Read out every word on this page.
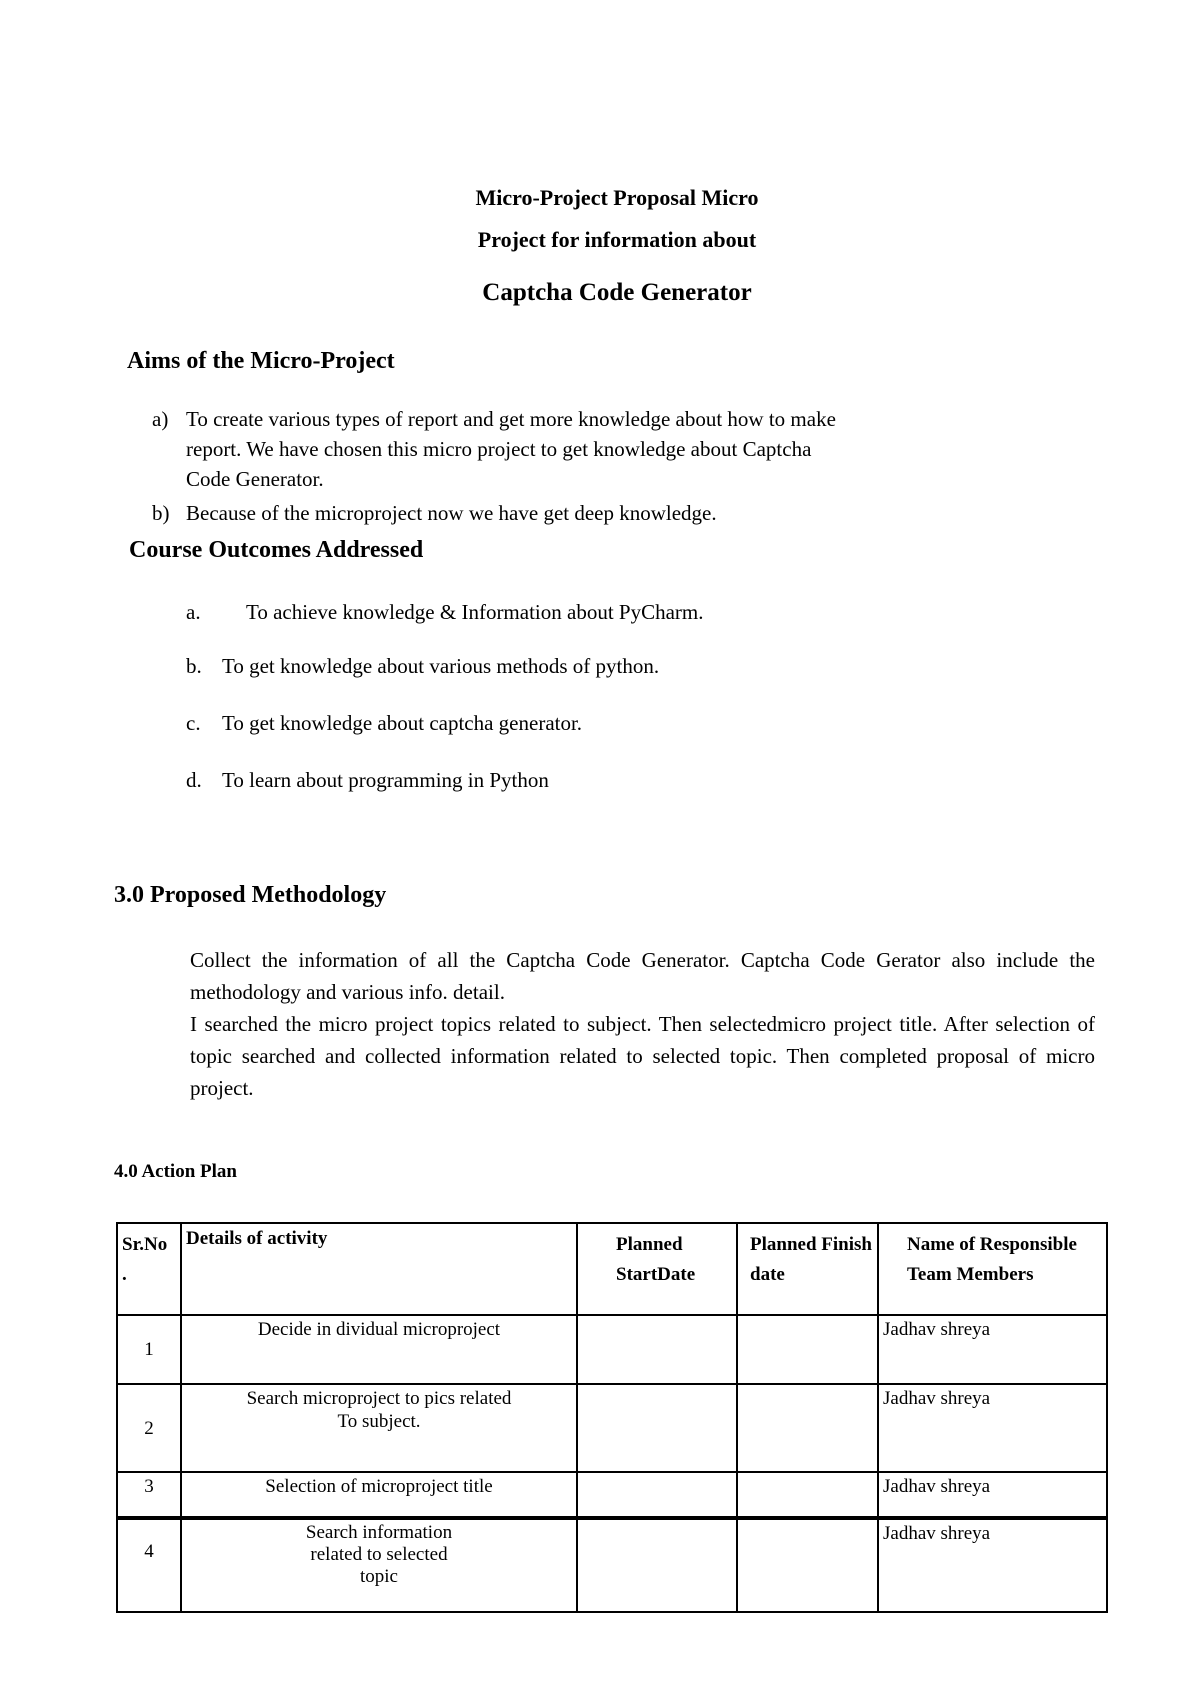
Micro-Project Proposal Micro
Project for information about
Captcha Code Generator
Aims of the Micro-Project
a) To create various types of report and get more knowledge about how to make
report. We have chosen this micro project to get knowledge about Captcha
Code Generator.
b) Because of the microproject now we have get deep knowledge.
Course Outcomes Addressed
a. To achieve knowledge & Information about PyCharm.
b. To get knowledge about various methods of python.
c. To get knowledge about captcha generator.
d. To learn about programming in Python
3.0 Proposed Methodology

Collect the information of all the Captcha Code Generator. Captcha Code Gerator also include the methodology and various info. detail.

I searched the micro project topics related to subject. Then selectedmicro project title. After selection of topic searched and collected information related to selected topic. Then completed proposal of micro project.

4.0 Action Plan
Sr.No .	Details of activity	Planned StartDate	Planned Finish date	Name of Responsible Team Members
1	Decide in dividual microproject			Jadhav shreya
2	Search microproject to pics related To subject.			Jadhav shreya
3	Selection of microproject title			Jadhav shreya
4	Search information related to selected topic			Jadhav shreya
